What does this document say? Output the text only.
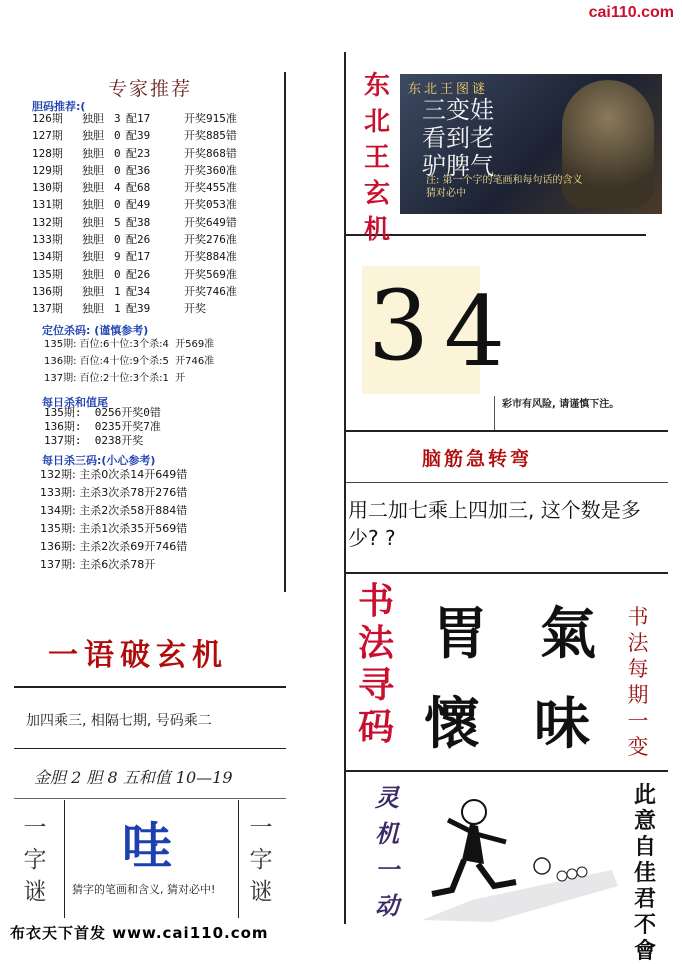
cai110.com
专家推荐
胆码推荐:(
126期 独胆 3 配17	开奖915准
127期 独胆 0 配39	开奖885错
128期 独胆 0 配23	开奖868错
129期 独胆 0 配36	开奖360准
130期 独胆 4 配68	开奖455准
131期 独胆 0 配49	开奖053准
132期 独胆 5 配38	开奖649错
133期 独胆 0 配26	开奖276准
134期 独胆 9 配17	开奖884准
135期 独胆 0 配26	开奖569准
136期 独胆 1 配34	开奖746准
137期 独胆 1 配39	开奖
定位杀码: (谨慎参考)
135期: 百位:6十位:3个杀:4  开569准
136期: 百位:4十位:9个杀:5  开746准
137期: 百位:2十位:3个杀:1  开
每日杀和值尾
135期:  0256开奖0错
136期:  0235开奖7准
137期:  0238开奖
每日杀三码:(小心参考)
132期: 主杀0次杀14开649错
133期: 主杀3次杀78开276错
134期: 主杀2次杀58开884错
135期: 主杀1次杀35开569错
136期: 主杀2次杀69开746错
137期: 主杀6次杀78开
一语破玄机
加四乘三, 相隔七期, 号码乘二
金胆 2 胆 8 五和值 10—19
一字谜
一字谜
哇
猜字的笔画和含义, 猜对必中!
布衣天下首发 www.cai110.com
东北王玄机
东北王图谜
三变娃
看到老
驴脾气
注: 第一个字的笔画和每句话的含义猜对必中
3 4
彩市有风险, 请谨慎下注。
脑筋急转弯
用二加七乘上四加三, 这个数是多少? ?
书
法
寻
码
胃 氣
懷 味
书法每期一变
灵
机
一
动
此意自佳君不會
